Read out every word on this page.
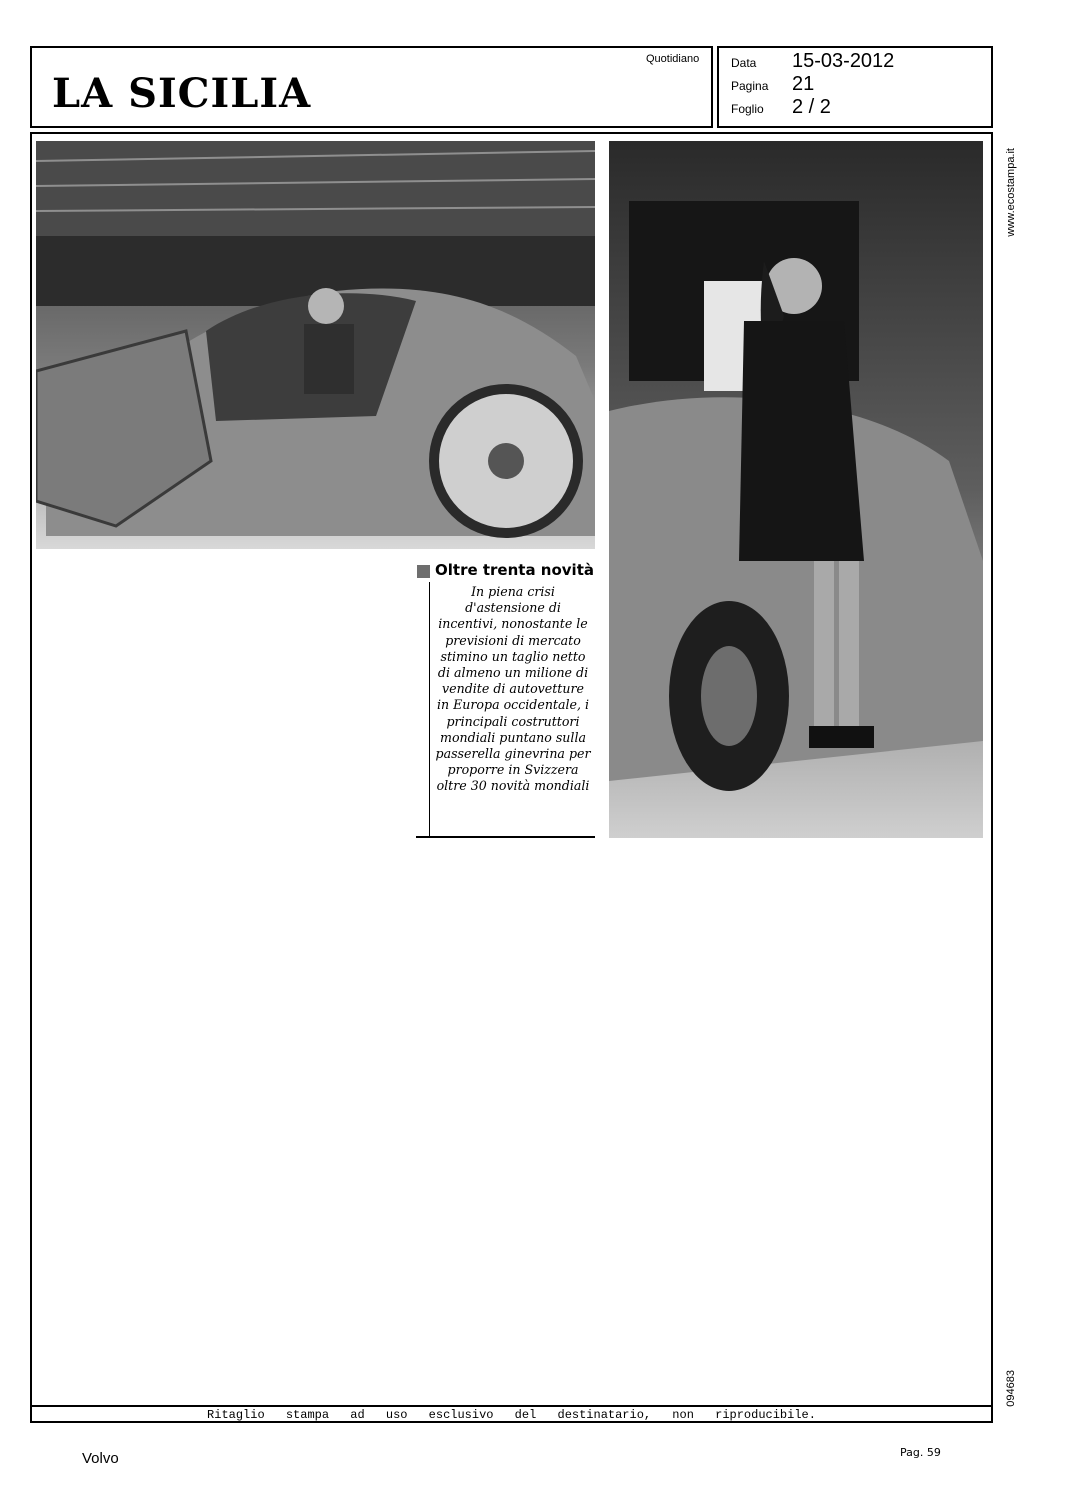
LA SICILIA
Quotidiano	Data 15-03-2012
Pagina 21
Foglio 2 / 2
Ritaglio stampa ad uso esclusivo del destinatario, non riproducibile.
www.ecostampa.it
094683
Oltre trenta novità
In piena crisi
d'astensione di
incentivi, nonostante le
previsioni di mercato
stimino un taglio netto
di almeno un milione di
vendite di autovetture
in Europa occidentale, i
principali costruttori
mondiali puntano sulla
passerella ginevrina per
proporre in Svizzera
oltre 30 novità mondiali
Volvo	Pag. 59
